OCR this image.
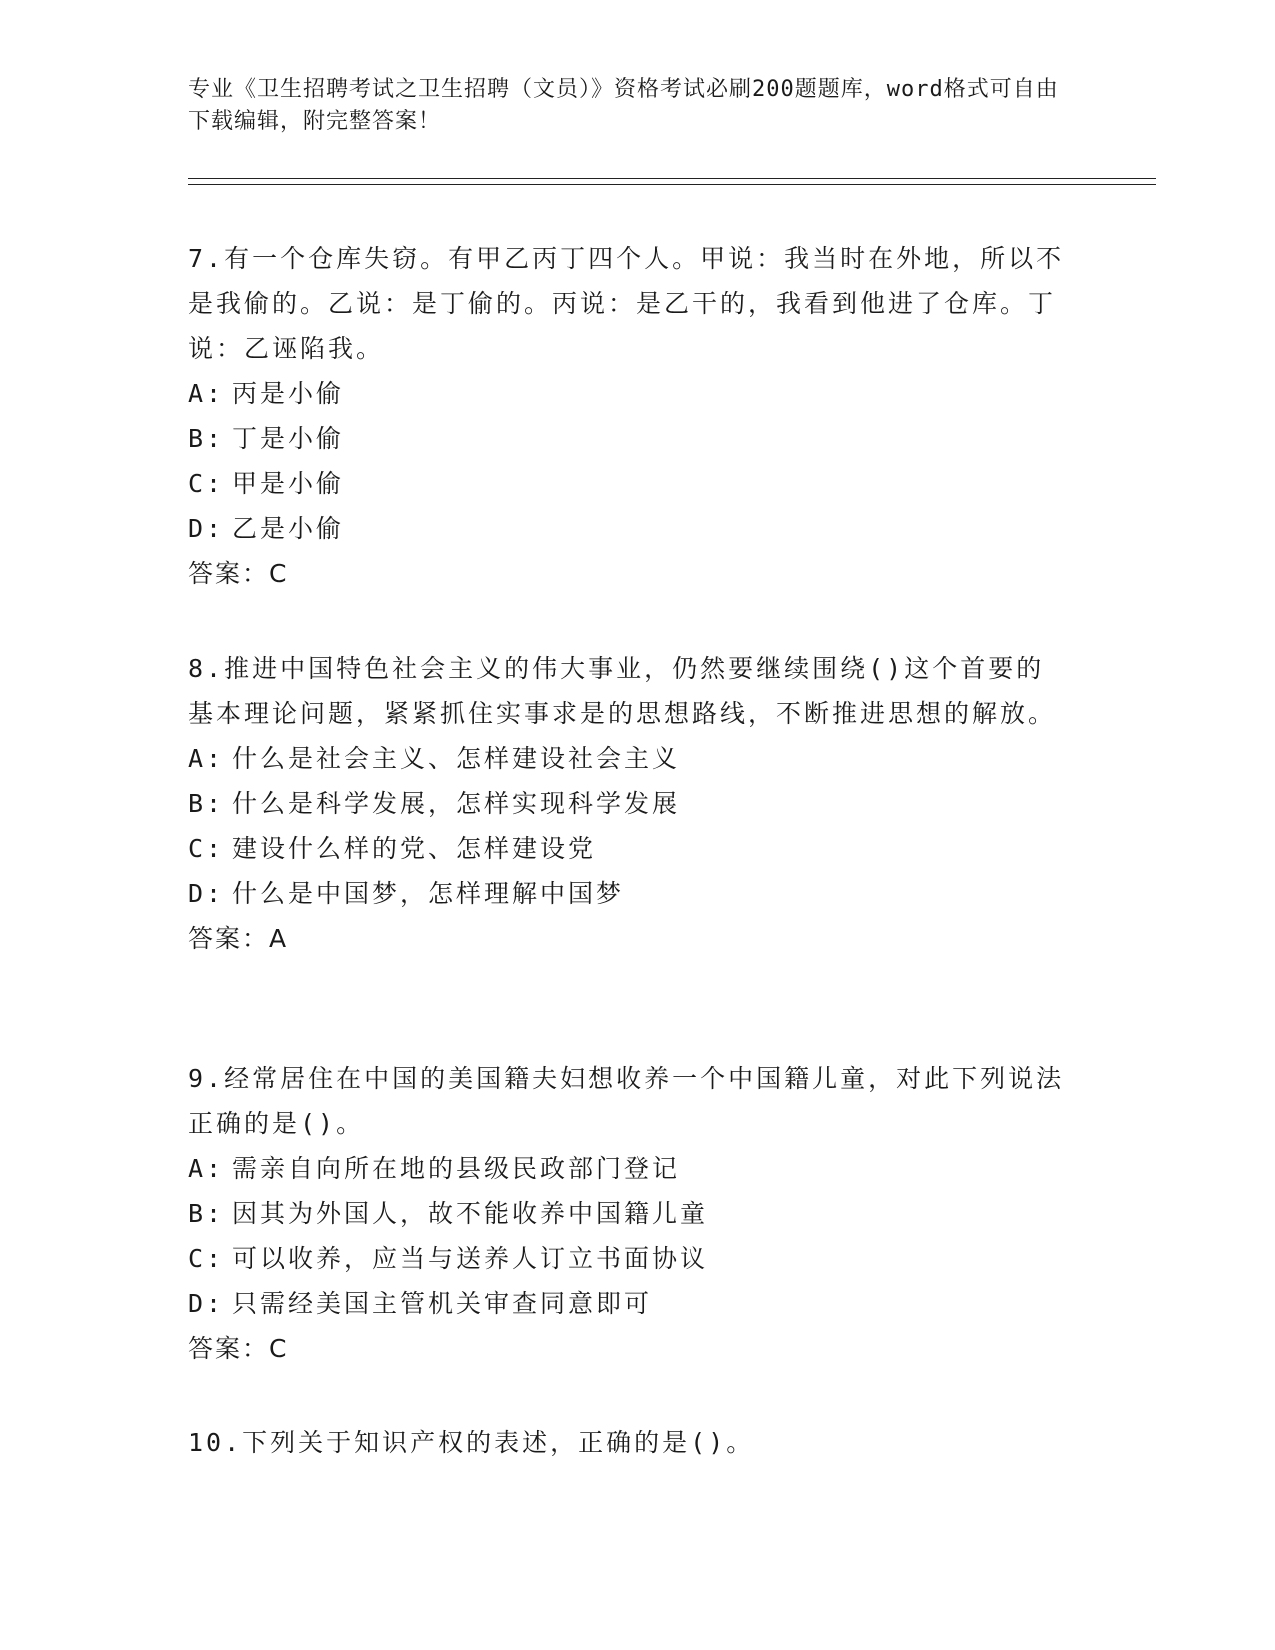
专业《卫生招聘考试之卫生招聘（文员）》资格考试必刷200题题库，word格式可自由下载编辑，附完整答案！

7.有一个仓库失窃。有甲乙丙丁四个人。甲说：我当时在外地，所以不是我偷的。乙说：是丁偷的。丙说：是乙干的，我看到他进了仓库。丁说：乙诬陷我。

A: 丙是小偷

B: 丁是小偷

C: 甲是小偷

D: 乙是小偷

答案：C

8.推进中国特色社会主义的伟大事业，仍然要继续围绕()这个首要的基本理论问题，紧紧抓住实事求是的思想路线，不断推进思想的解放。

A: 什么是社会主义、怎样建设社会主义

B: 什么是科学发展，怎样实现科学发展

C: 建设什么样的党、怎样建设党

D: 什么是中国梦，怎样理解中国梦

答案：A

9.经常居住在中国的美国籍夫妇想收养一个中国籍儿童，对此下列说法正确的是()。

A: 需亲自向所在地的县级民政部门登记

B: 因其为外国人，故不能收养中国籍儿童

C: 可以收养，应当与送养人订立书面协议

D: 只需经美国主管机关审查同意即可

答案：C

10.下列关于知识产权的表述，正确的是()。
